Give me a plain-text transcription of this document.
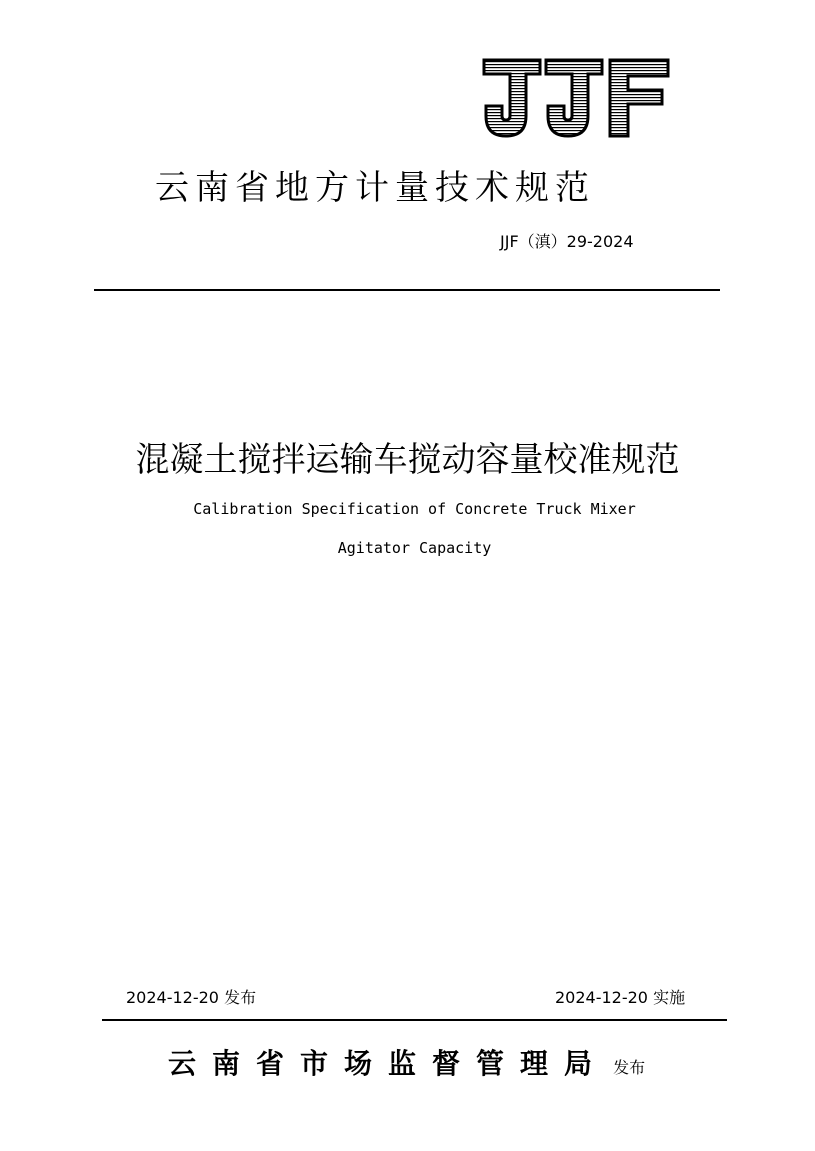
云南省地方计量技术规范
JJF（滇）29-2024
混凝土搅拌运输车搅动容量校准规范
Calibration Specification of Concrete Truck Mixer
Agitator Capacity
2024-12-20 发布	2024-12-20 实施
云南省市场监督管理局 发布
